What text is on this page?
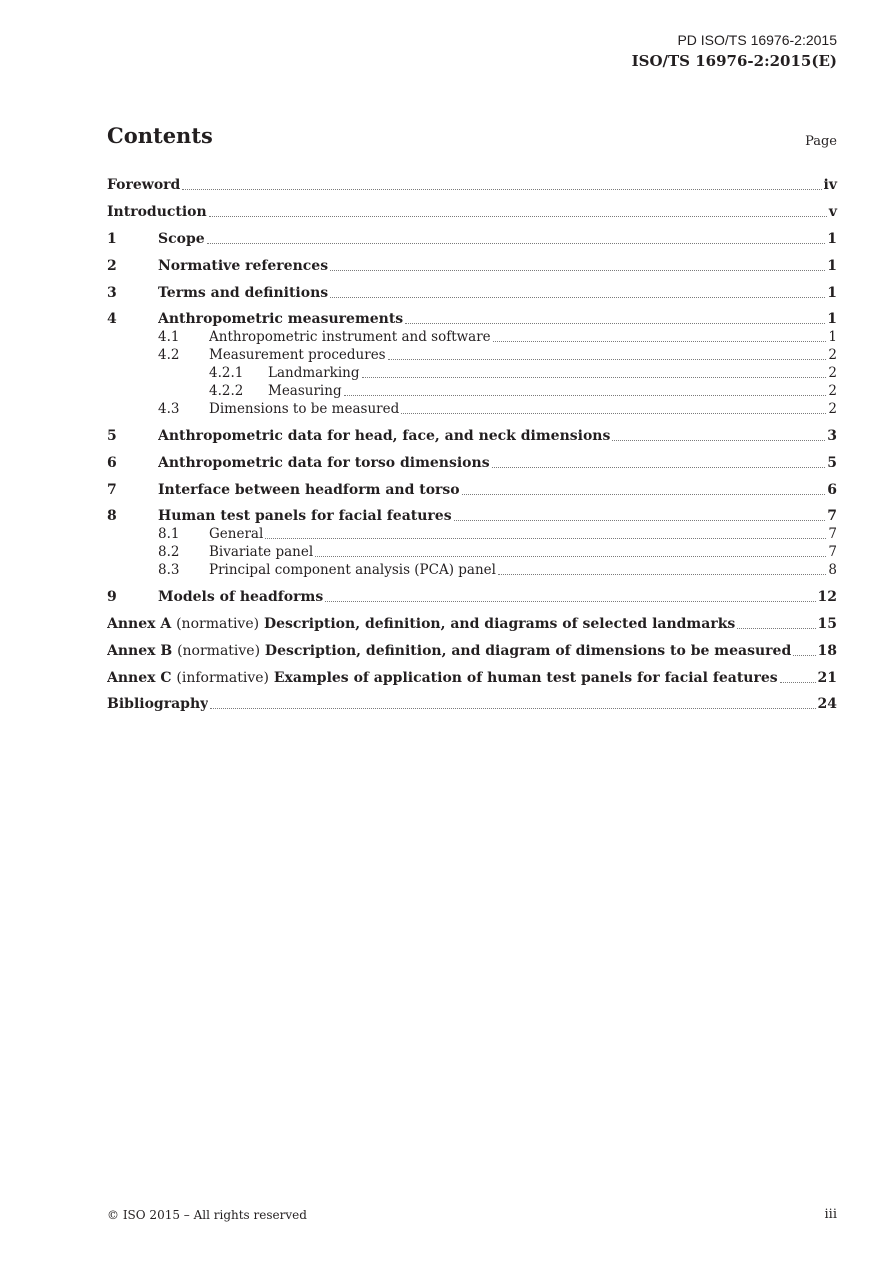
PD ISO/TS 16976-2:2015
ISO/TS 16976-2:2015(E)
Contents	Page
Foreword	iv
Introduction	v
1	Scope	1
2	Normative references	1
3	Terms and definitions	1
4	Anthropometric measurements	1
4.1	Anthropometric instrument and software	1
4.2	Measurement procedures	2
4.2.1	Landmarking	2
4.2.2	Measuring	2
4.3	Dimensions to be measured	2
5	Anthropometric data for head, face, and neck dimensions	3
6	Anthropometric data for torso dimensions	5
7	Interface between headform and torso	6
8	Human test panels for facial features	7
8.1	General	7
8.2	Bivariate panel	7
8.3	Principal component analysis (PCA) panel	8
9	Models of headforms	12
Annex A (normative) Description, definition, and diagrams of selected landmarks	15
Annex B (normative) Description, definition, and diagram of dimensions to be measured 18
Annex C (informative) Examples of application of human test panels for facial features	21
Bibliography	24
© ISO 2015 – All rights reserved	iii
